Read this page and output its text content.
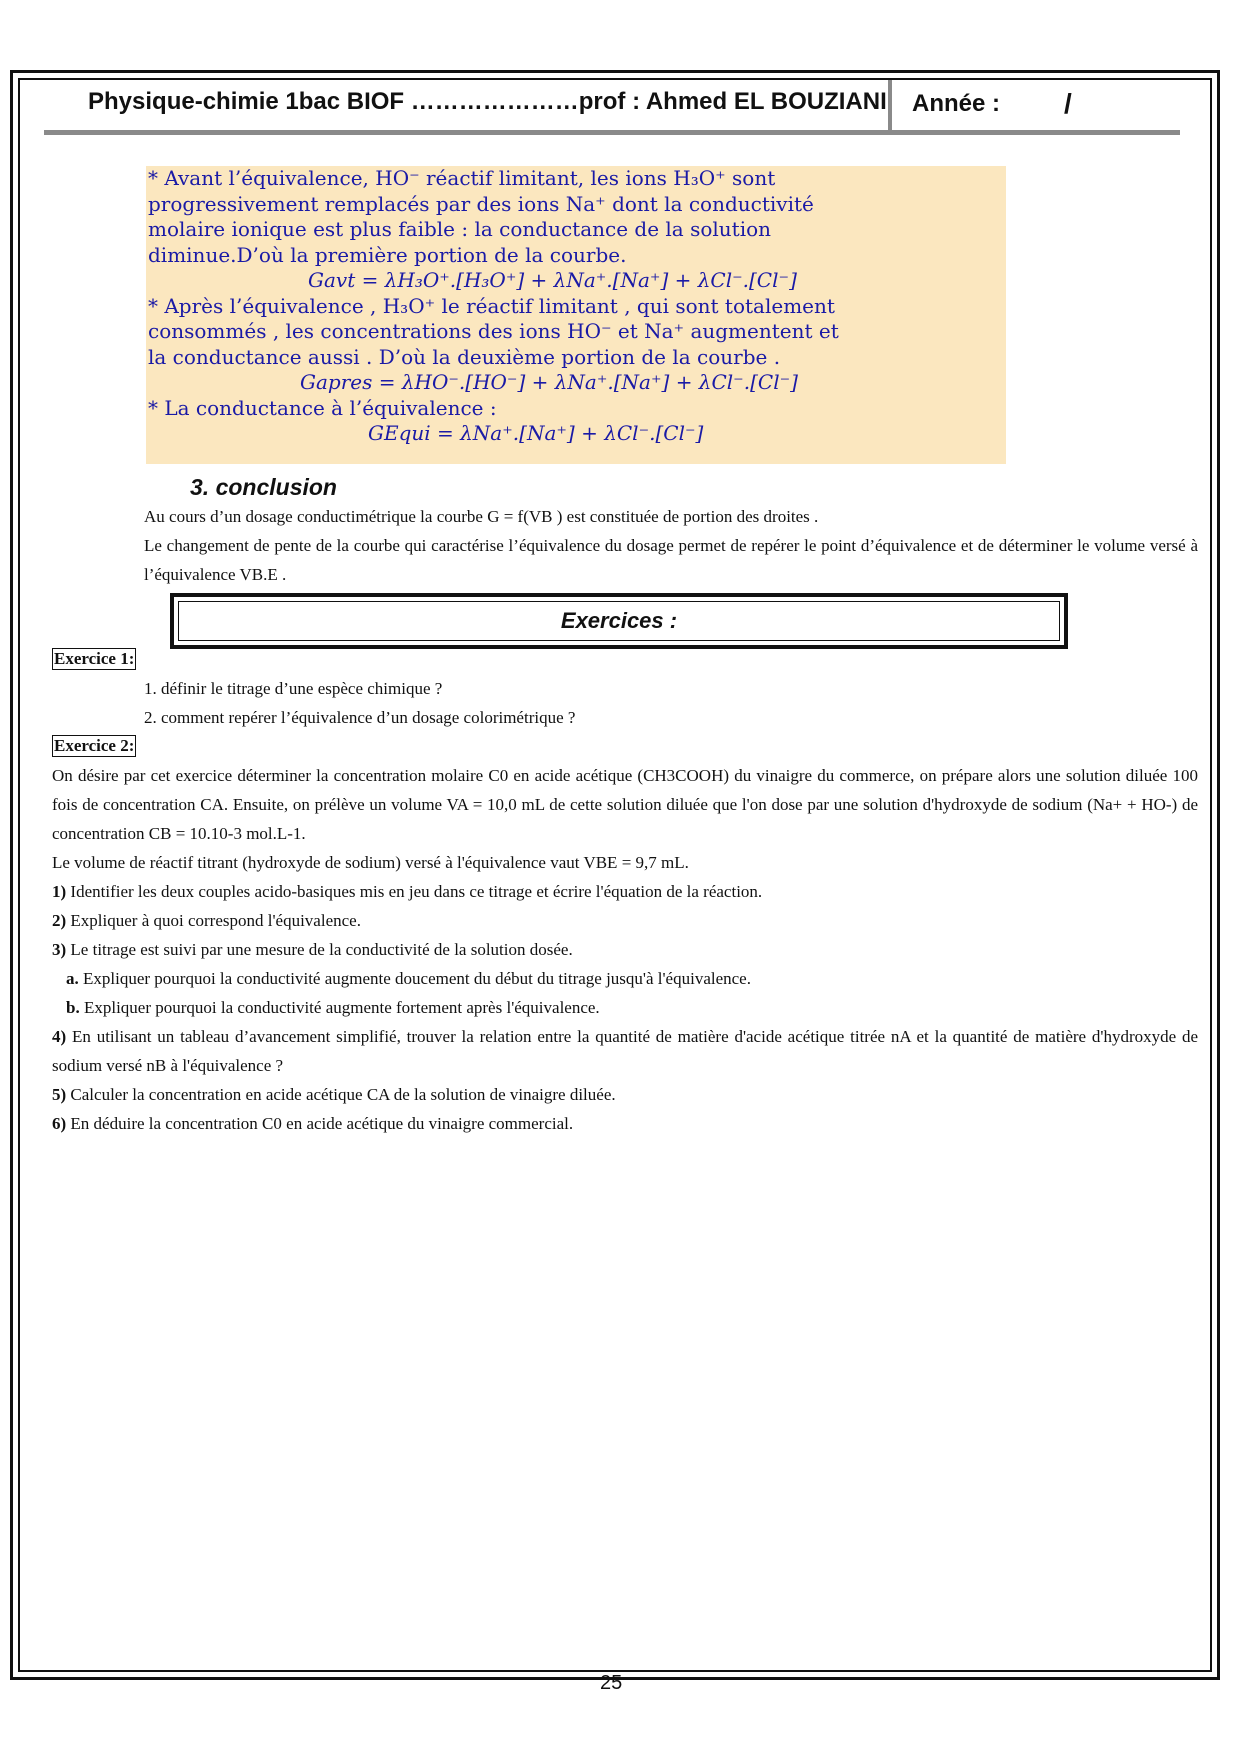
Physique-chimie 1bac BIOF …………………prof : Ahmed EL BOUZIANI Année : /

* Avant l’équivalence, HO⁻ réactif limitant, les ions H₃O⁺ sont

progressivement remplacés par des ions Na⁺ dont la conductivité

molaire ionique est plus faible : la conductance de la solution

diminue.D’où la première portion de la courbe.

Gavt = λH₃O⁺.[H₃O⁺] + λNa⁺.[Na⁺] + λCl⁻.[Cl⁻]

* Après l’équivalence , H₃O⁺ le réactif limitant , qui sont totalement

consommés , les concentrations des ions HO⁻ et Na⁺ augmentent et

la conductance aussi . D’où la deuxième portion de la courbe .

Gapres = λHO⁻.[HO⁻] + λNa⁺.[Na⁺] + λCl⁻.[Cl⁻]

* La conductance à l’équivalence :

GEqui = λNa⁺.[Na⁺] + λCl⁻.[Cl⁻]

3. conclusion
Au cours d’un dosage conductimétrique la courbe G = f(VB ) est constituée de portion des droites .
Le changement de pente de la courbe qui caractérise l’équivalence du dosage permet de repérer le point d’équivalence et de déterminer le volume versé à l’équivalence VB.E .
Exercices :
Exercice 1:
1. définir le titrage d’une espèce chimique ?
2. comment repérer l’équivalence d’un dosage colorimétrique ?
Exercice 2:
On désire par cet exercice déterminer la concentration molaire C0 en acide acétique (CH3COOH) du vinaigre du commerce, on prépare alors une solution diluée 100 fois de concentration CA. Ensuite, on prélève un volume VA = 10,0 mL de cette solution diluée que l'on dose par une solution d'hydroxyde de sodium (Na+ + HO-) de concentration CB = 10.10-3 mol.L-1.
Le volume de réactif titrant (hydroxyde de sodium) versé à l'équivalence vaut VBE = 9,7 mL.
1) Identifier les deux couples acido-basiques mis en jeu dans ce titrage et écrire l'équation de la réaction.
2) Expliquer à quoi correspond l'équivalence.
3) Le titrage est suivi par une mesure de la conductivité de la solution dosée.
a. Expliquer pourquoi la conductivité augmente doucement du début du titrage jusqu'à l'équivalence.
b. Expliquer pourquoi la conductivité augmente fortement après l'équivalence.
4) En utilisant un tableau d’avancement simplifié, trouver la relation entre la quantité de matière d'acide acétique titrée nA et la quantité de matière d'hydroxyde de sodium versé nB à l'équivalence ?
5) Calculer la concentration en acide acétique CA de la solution de vinaigre diluée.
6) En déduire la concentration C0 en acide acétique du vinaigre commercial.
25
